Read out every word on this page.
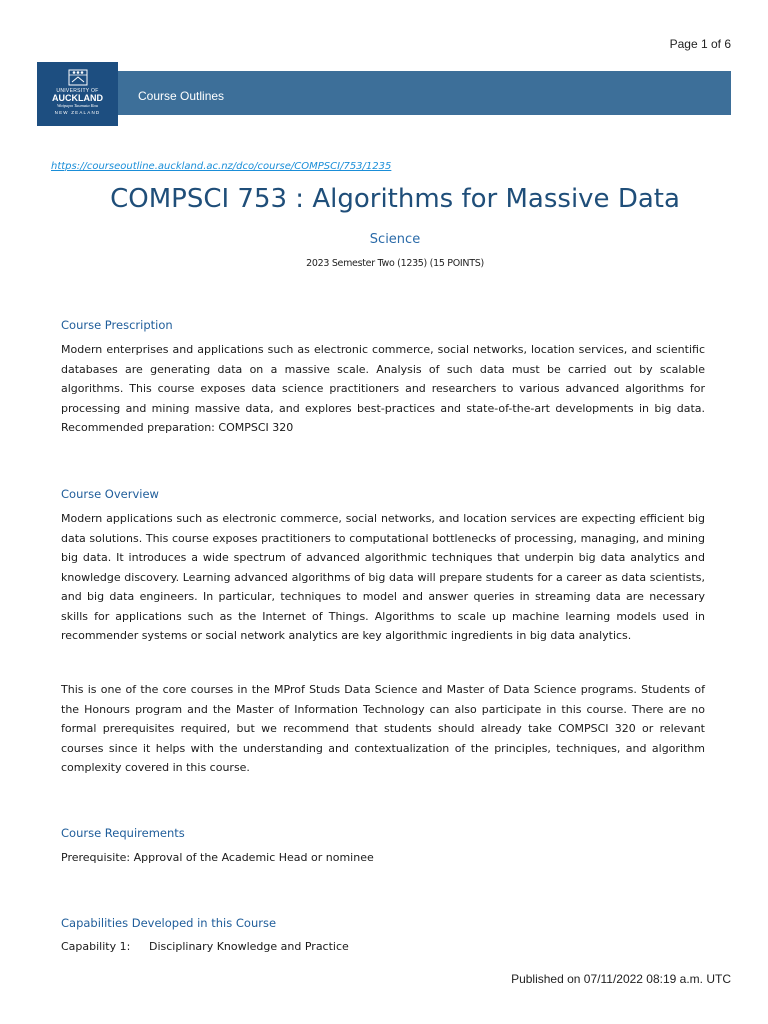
Page 1 of 6
UNIVERSITY OF
AUCKLAND
Waipapa Taumata Rau
NEW ZEALAND
Course Outlines
https://courseoutline.auckland.ac.nz/dco/course/COMPSCI/753/1235
COMPSCI 753 : Algorithms for Massive Data
Science
2023 Semester Two (1235) (15 POINTS)
Course Prescription

Modern enterprises and applications such as electronic commerce, social networks, location services, and scientific databases are generating data on a massive scale. Analysis of such data must be carried out by scalable algorithms. This course exposes data science practitioners and researchers to various advanced algorithms for processing and mining massive data, and explores best-practices and state-of-the-art developments in big data. Recommended preparation: COMPSCI 320

Course Overview

Modern applications such as electronic commerce, social networks, and location services are expecting efficient big data solutions. This course exposes practitioners to computational bottlenecks of processing, managing, and mining big data. It introduces a wide spectrum of advanced algorithmic techniques that underpin big data analytics and knowledge discovery. Learning advanced algorithms of big data will prepare students for a career as data scientists, and big data engineers. In particular, techniques to model and answer queries in streaming data are necessary skills for applications such as the Internet of Things. Algorithms to scale up machine learning models used in recommender systems or social network analytics are key algorithmic ingredients in big data analytics.

This is one of the core courses in the MProf Studs Data Science and Master of Data Science programs. Students of the Honours program and the Master of Information Technology can also participate in this course. There are no formal prerequisites required, but we recommend that students should already take COMPSCI 320 or relevant courses since it helps with the understanding and contextualization of the principles, techniques, and algorithm complexity covered in this course.

Course Requirements
Prerequisite: Approval of the Academic Head or nominee
Capabilities Developed in this Course
Capability 1: Disciplinary Knowledge and Practice
Published on 07/11/2022 08:19 a.m. UTC
